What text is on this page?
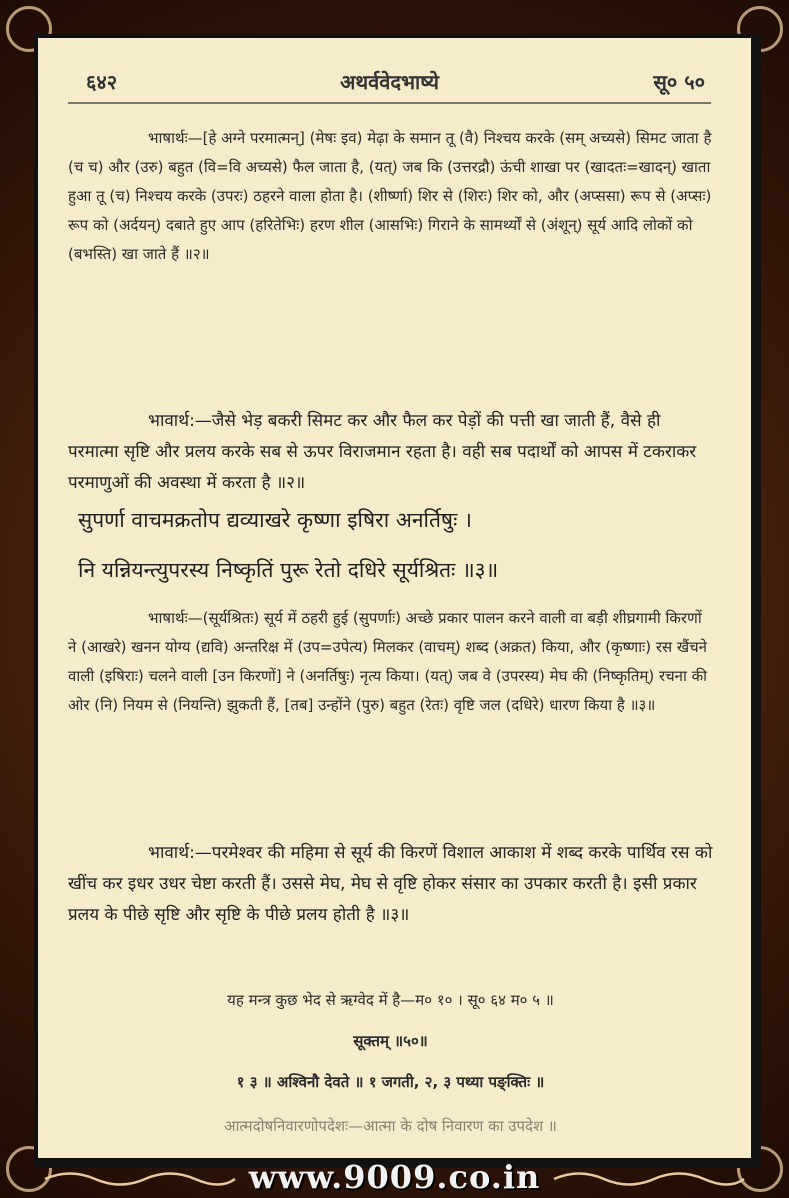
६४२	अथर्ववेदभाष्ये	सू० ५०

भाषार्थः—[हे अग्ने परमात्मन्] (मेषः इव) मेढ़ा के समान तू (वै) निश्चय करके (सम् अच्यसे) सिमट जाता है (च च) और (उरु) बहुत (वि=वि अच्यसे) फैल जाता है, (यत्) जब कि (उत्तरद्रौ) ऊंची शाखा पर (खादतः=खादन्) खाता हुआ तू (च) निश्चय करके (उपरः) ठहरने वाला होता है। (शीर्ष्णा) शिर से (शिरः) शिर को, और (अप्ससा) रूप से (अप्सः) रूप को (अर्दयन्) दबाते हुए आप (हरितेभिः) हरण शील (आसभिः) गिराने के सामर्थ्यों से (अंशून्) सूर्य आदि लोकों को (बभस्ति) खा जाते हैं ॥२॥

भावार्थ:—जैसे भेड़ बकरी सिमट कर और फैल कर पेड़ों की पत्ती खा जाती हैं, वैसे ही परमात्मा सृष्टि और प्रलय करके सब से ऊपर विराजमान रहता है। वही सब पदार्थों को आपस में टकराकर परमाणुओं की अवस्था में करता है ॥२॥

सुपर्णा वाचमक्रतोप द्यव्याखरे कृष्णा इषिरा अनर्तिषुः ।
नि यन्नियन्त्युपरस्य निष्कृतिं पुरू रेतो दधिरे सूर्यश्रितः ॥३॥

भाषार्थः—(सूर्यश्रितः) सूर्य में ठहरी हुई (सुपर्णाः) अच्छे प्रकार पालन करने वाली वा बड़ी शीघ्रगामी किरणों ने (आखरे) खनन योग्य (द्यवि) अन्तरिक्ष में (उप=उपेत्य) मिलकर (वाचम्) शब्द (अक्रत) किया, और (कृष्णाः) रस खैंचने वाली (इषिराः) चलने वाली [उन किरणों] ने (अनर्तिषुः) नृत्य किया। (यत्) जब वे (उपरस्य) मेघ की (निष्कृतिम्) रचना की ओर (नि) नियम से (नियन्ति) झुकती हैं, [तब] उन्होंने (पुरु) बहुत (रेतः) वृष्टि जल (दधिरे) धारण किया है ॥३॥

भावार्थ:—परमेश्वर की महिमा से सूर्य की किरणें विशाल आकाश में शब्द करके पार्थिव रस को खींच कर इधर उधर चेष्टा करती हैं। उससे मेघ, मेघ से वृष्टि होकर संसार का उपकार करती है। इसी प्रकार प्रलय के पीछे सृष्टि और सृष्टि के पीछे प्रलय होती है ॥३॥

यह मन्त्र कुछ भेद से ऋग्वेद में है—म० १० । सू० ६४ म० ५ ॥
सूक्तम् ॥५०॥
१ ३ ॥ अश्विनौ देवते ॥ १ जगती, २, ३ पथ्या पङ्क्तिः ॥
आत्मदोषनिवारणोपदेशः—आत्मा के दोष निवारण का उपदेश ॥
www.9009.co.in
